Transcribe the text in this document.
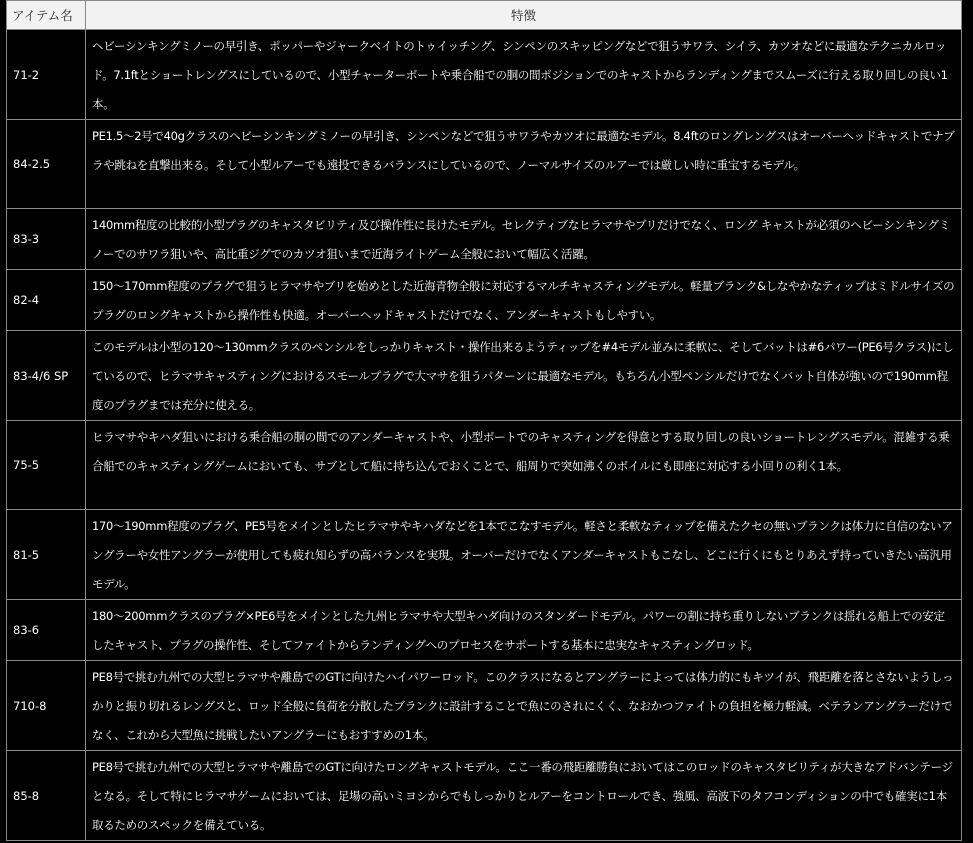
アイテム名	特徴
71-2	ヘビーシンキングミノーの早引き、ポッパーやジャークベイトのトゥイッチング、シンペンのスキッピングなどで狙うサワラ、シイラ、カツオなどに最適なテクニカルロッド。7.1ftとショートレングスにしているので、小型チャーターボートや乗合船での胴の間ポジションでのキャストからランディングまでスムーズに行える取り回しの良い1本。
84-2.5	PE1.5～2号で40gクラスのヘビーシンキングミノーの早引き、シンペンなどで狙うサワラやカツオに最適なモデル。8.4ftのロングレングスはオーバーヘッドキャストでナブラや跳ねを直撃出来る。そして小型ルアーでも遠投できるバランスにしているので、ノーマルサイズのルアーでは厳しい時に重宝するモデル。
83-3	140mm程度の比較的小型プラグのキャスタビリティ及び操作性に長けたモデル。セレクティブなヒラマサやブリだけでなく、ロング キャストが必須のヘビーシンキングミノーでのサワラ狙いや、高比重ジグでのカツオ狙いまで近海ライトゲーム全般において幅広く活躍。
82-4	150～170mm程度のプラグで狙うヒラマサやブリを始めとした近海青物全般に対応するマルチキャスティングモデル。軽量ブランク&しなやかなティップはミドルサイズのプラグのロングキャストから操作性も快適。オーバーヘッドキャストだけでなく、アンダーキャストもしやすい。
83-4/6 SP	このモデルは小型の120～130mmクラスのペンシルをしっかりキャスト・操作出来るようティップを#4モデル並みに柔軟に、そしてバットは#6パワー(PE6号クラス)にしているので、ヒラマサキャスティングにおけるスモールプラグで大マサを狙うパターンに最適なモデル。もちろん小型ペンシルだけでなくバット自体が強いので190mm程度のプラグまでは充分に使える。
75-5	ヒラマサやキハダ狙いにおける乗合船の胴の間でのアンダーキャストや、小型ボートでのキャスティングを得意とする取り回しの良いショートレングスモデル。混雑する乗合船でのキャスティングゲームにおいても、サブとして船に持ち込んでおくことで、船周りで突如沸くのボイルにも即座に対応する小回りの利く1本。
81-5	170～190mm程度のプラグ、PE5号をメインとしたヒラマサやキハダなどを1本でこなすモデル。軽さと柔軟なティップを備えたクセの無いブランクは体力に自信のないアングラーや女性アングラーが使用しても疲れ知らずの高バランスを実現。オーバーだけでなくアンダーキャストもこなし、どこに行くにもとりあえず持っていきたい高汎用モデル。
83-6	180～200mmクラスのプラグ×PE6号をメインとした九州ヒラマサや大型キハダ向けのスタンダードモデル。パワーの割に持ち重りしないブランクは揺れる船上での安定したキャスト、プラグの操作性、そしてファイトからランディングへのプロセスをサポートする基本に忠実なキャスティングロッド。
710-8	PE8号で挑む九州での大型ヒラマサや離島でのGTに向けたハイパワーロッド。このクラスになるとアングラーによっては体力的にもキツイが、飛距離を落とさないようしっかりと振り切れるレングスと、ロッド全般に負荷を分散したブランクに設計することで魚にのされにくく、なおかつファイトの負担を極力軽減。ベテランアングラーだけでなく、これから大型魚に挑戦したいアングラーにもおすすめの1本。
85-8	PE8号で挑む九州での大型ヒラマサや離島でのGTに向けたロングキャストモデル。ここ一番の飛距離勝負においてはこのロッドのキャスタビリティが大きなアドバンテージとなる。そして特にヒラマサゲームにおいては、足場の高いミヨシからでもしっかりとルアーをコントロールでき、強風、高波下のタフコンディションの中でも確実に1本取るためのスペックを備えている。
